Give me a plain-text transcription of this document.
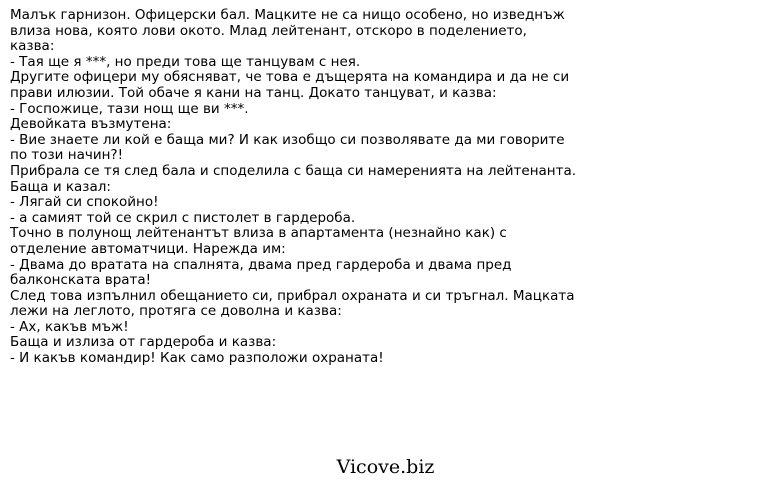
Малък гарнизон. Офицерски бал. Мацките не са нищо особено, но изведнъж
влиза нова, която лови окото. Млад лейтенант, отскоро в поделението,
казва:
- Тая ще я ***, но преди това ще танцувам с нея.
Другите офицери му обясняват, че това е дъщерята на командира и да не си
прави илюзии. Той обаче я кани на танц. Докато танцуват, и казва:
- Госпожице, тази нощ ще ви ***.
Девойката възмутена:
- Вие знаете ли кой е баща ми? И как изобщо си позволявате да ми говорите
по този начин?!
Прибрала се тя след бала и споделила с баща си намеренията на лейтенанта.
Баща и казал:
- Лягай си спокойно!
- а самият той се скрил с пистолет в гардероба.
Точно в полунощ лейтенантът влиза в апартамента (незнайно как) с
отделение автоматчици. Нарежда им:
- Двама до вратата на спалнята, двама пред гардероба и двама пред
балконската врата!
След това изпълнил обещанието си, прибрал охраната и си тръгнал. Мацката
лежи на леглото, протяга се доволна и казва:
- Ах, какъв мъж!
Баща и излиза от гардероба и казва:
- И какъв командир! Как само разположи охраната!
Vicove.biz
